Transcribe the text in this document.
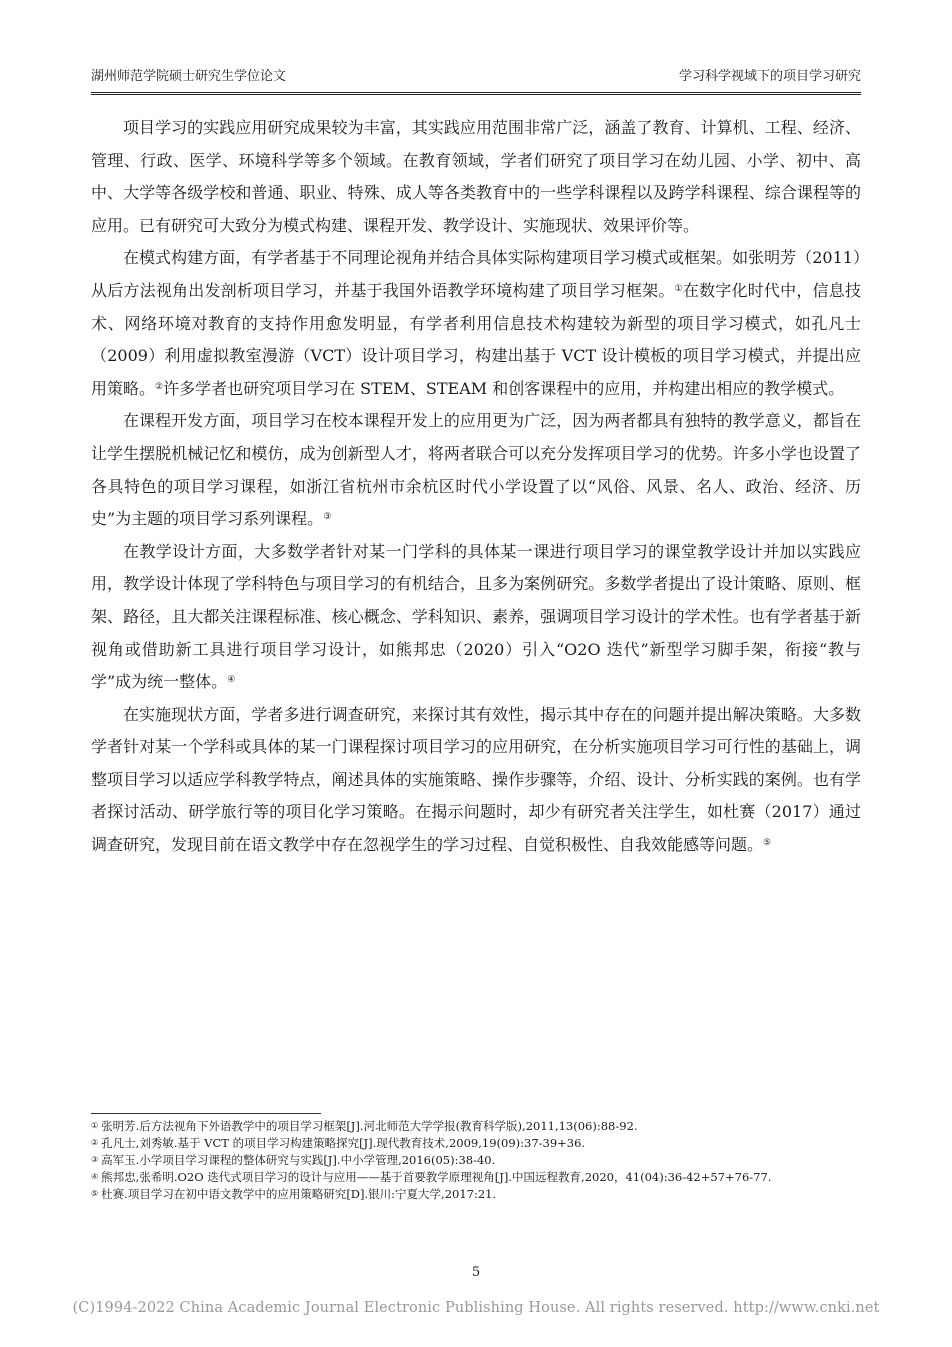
湖州师范学院硕士研究生学位论文	学习科学视域下的项目学习研究

项目学习的实践应用研究成果较为丰富，其实践应用范围非常广泛，涵盖了教育、计算机、工程、经济、管理、行政、医学、环境科学等多个领域。在教育领域，学者们研究了项目学习在幼儿园、小学、初中、高中、大学等各级学校和普通、职业、特殊、成人等各类教育中的一些学科课程以及跨学科课程、综合课程等的应用。已有研究可大致分为模式构建、课程开发、教学设计、实施现状、效果评价等。

在模式构建方面，有学者基于不同理论视角并结合具体实际构建项目学习模式或框架。如张明芳（2011）从后方法视角出发剖析项目学习，并基于我国外语教学环境构建了项目学习框架。①在数字化时代中，信息技术、网络环境对教育的支持作用愈发明显，有学者利用信息技术构建较为新型的项目学习模式，如孔凡士（2009）利用虚拟教室漫游（VCT）设计项目学习，构建出基于 VCT 设计模板的项目学习模式，并提出应用策略。②许多学者也研究项目学习在 STEM、STEAM 和创客课程中的应用，并构建出相应的教学模式。

在课程开发方面，项目学习在校本课程开发上的应用更为广泛，因为两者都具有独特的教学意义，都旨在让学生摆脱机械记忆和模仿，成为创新型人才，将两者联合可以充分发挥项目学习的优势。许多小学也设置了各具特色的项目学习课程，如浙江省杭州市余杭区时代小学设置了以“风俗、风景、名人、政治、经济、历史”为主题的项目学习系列课程。③

在教学设计方面，大多数学者针对某一门学科的具体某一课进行项目学习的课堂教学设计并加以实践应用，教学设计体现了学科特色与项目学习的有机结合，且多为案例研究。多数学者提出了设计策略、原则、框架、路径，且大都关注课程标准、核心概念、学科知识、素养，强调项目学习设计的学术性。也有学者基于新视角或借助新工具进行项目学习设计，如熊邦忠（2020）引入“O2O 迭代”新型学习脚手架，衔接“教与学”成为统一整体。④

在实施现状方面，学者多进行调查研究，来探讨其有效性，揭示其中存在的问题并提出解决策略。大多数学者针对某一个学科或具体的某一门课程探讨项目学习的应用研究，在分析实施项目学习可行性的基础上，调整项目学习以适应学科教学特点，阐述具体的实施策略、操作步骤等，介绍、设计、分析实践的案例。也有学者探讨活动、研学旅行等的项目化学习策略。在揭示问题时，却少有研究者关注学生，如杜赛（2017）通过调查研究，发现目前在语文教学中存在忽视学生的学习过程、自觉积极性、自我效能感等问题。⑤

① 张明芳.后方法视角下外语教学中的项目学习框架[J].河北师范大学学报(教育科学版),2011,13(06):88-92.

② 孔凡士,刘秀敏.基于 VCT 的项目学习构建策略探究[J].现代教育技术,2009,19(09):37-39+36.

③ 高军玉.小学项目学习课程的整体研究与实践[J].中小学管理,2016(05):38-40.

④ 熊邦忠,张希明.O2O 迭代式项目学习的设计与应用——基于首要教学原理视角[J].中国远程教育,2020，41(04):36-42+57+76-77.

⑤ 杜赛.项目学习在初中语文教学中的应用策略研究[D].银川:宁夏大学,2017:21.

5
(C)1994-2022 China Academic Journal Electronic Publishing House. All rights reserved. http://www.cnki.net
